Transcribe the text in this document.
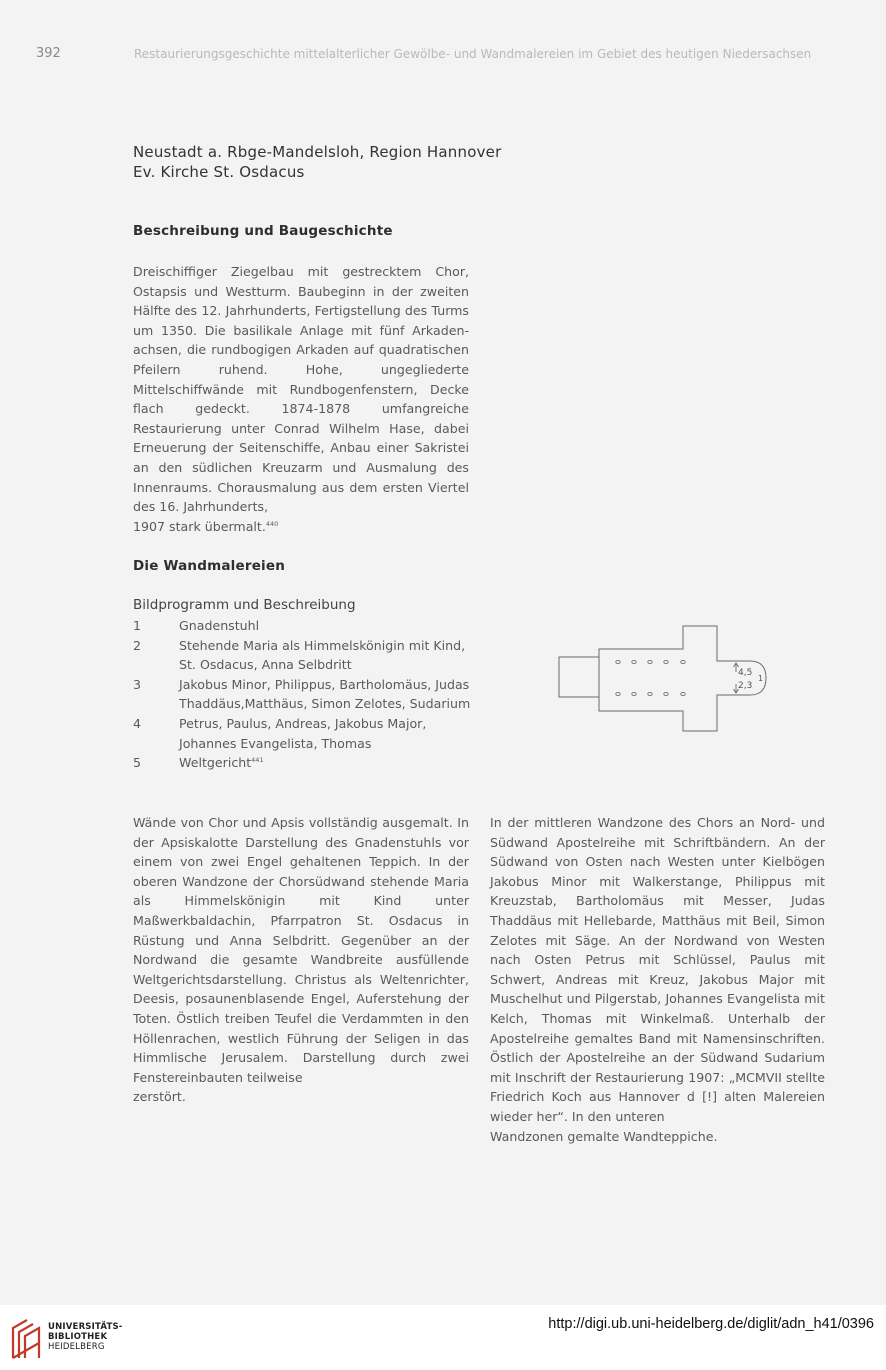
392	Restaurierungsgeschichte mittelalterlicher Gewölbe- und Wandmalereien im Gebiet des heutigen Niedersachsen
Neustadt a. Rbge-Mandelsloh, Region Hannover
Ev. Kirche St. Osdacus
Beschreibung und Baugeschichte

Dreischiffiger Ziegelbau mit gestrecktem Chor, Ostapsis und Westturm. Baubeginn in der zweiten Hälfte des 12. Jahrhunderts, Fertigstellung des Turms um 1350. Die basilikale Anlage mit fünf Arkadenachsen, die rundbogigen Arkaden auf quadratischen Pfeilern ruhend. Hohe, ungegliederte Mittelschiffwände mit Rundbogenfenstern, Decke flach gedeckt. 1874-1878 umfangreiche Restaurierung unter Conrad Wilhelm Hase, dabei Erneuerung der Seitenschiffe, Anbau einer Sakristei an den südlichen Kreuzarm und Ausmalung des Innenraums. Chorausmalung aus dem ersten Viertel des 16. Jahrhunderts,
1907 stark übermalt.$^{440}$

Die Wandmalereien
Bildprogramm und Beschreibung
1	Gnadenstuhl
2	Stehende Maria als Himmelskönigin mit Kind, St. Osdacus, Anna Selbdritt
3	Jakobus Minor, Philippus, Bartholomäus, Judas Thaddäus,Matthäus, Simon Zelotes, Sudarium
4	Petrus, Paulus, Andreas, Jakobus Major, Johannes Evangelista, Thomas
5	Weltgericht$^{441}$
4,5
2,3
1

Wände von Chor und Apsis vollständig ausgemalt. In der Apsiskalotte Darstellung des Gnadenstuhls vor einem von zwei Engel gehaltenen Teppich. In der oberen Wandzone der Chorsüdwand stehende Maria als Himmelskönigin mit Kind unter Maßwerkbaldachin, Pfarrpatron St. Osdacus in Rüstung und Anna Selbdritt. Gegenüber an der Nordwand die gesamte Wandbreite ausfüllende Weltgerichtsdarstellung. Christus als Weltenrichter, Deesis, posaunenblasende Engel, Auferstehung der Toten. Östlich treiben Teufel die Verdammten in den Höllenrachen, westlich Führung der Seligen in das Himmlische Jerusalem. Darstellung durch zwei Fenstereinbauten teilweise
zerstört.

In der mittleren Wandzone des Chors an Nord- und Südwand Apostelreihe mit Schriftbändern. An der Südwand von Osten nach Westen unter Kielbögen Jakobus Minor mit Walkerstange, Philippus mit Kreuzstab, Bartholomäus mit Messer, Judas Thaddäus mit Hellebarde, Matthäus mit Beil, Simon Zelotes mit Säge. An der Nordwand von Westen nach Osten Petrus mit Schlüssel, Paulus mit Schwert, Andreas mit Kreuz, Jakobus Major mit Muschelhut und Pilgerstab, Johannes Evangelista mit Kelch, Thomas mit Winkelmaß. Unterhalb der Apostelreihe gemaltes Band mit Namensinschriften. Östlich der Apostelreihe an der Südwand Sudarium mit Inschrift der Restaurierung 1907: „MCMVII stellte Friedrich Koch aus Hannover d [!] alten Malereien wieder her“. In den unteren
Wandzonen gemalte Wandteppiche.

UNIVERSITÄTS-
BIBLIOTHEK
HEIDELBERG
http://digi.ub.uni-heidelberg.de/diglit/adn_h41/0396
